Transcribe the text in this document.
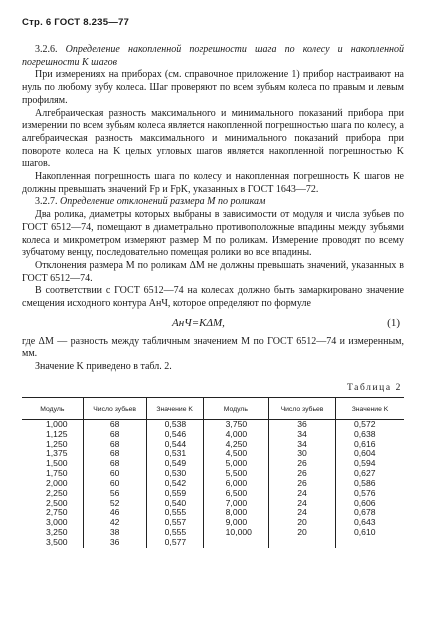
Стр. 6 ГОСТ 8.235—77

3.2.6. Определение накопленной погрешности шага по колесу и накопленной погрешности K шагов

При измерениях на приборах (см. справочное приложение 1) прибор настраивают на нуль по любому зубу колеса. Шаг проверяют по всем зубьям колеса по правым и левым профилям.

Алгебраическая разность максимального и минимального показаний прибора при измерении по всем зубьям колеса является накопленной погрешностью шага по колесу, а алгебраическая разность максимального и минимального показаний прибора при повороте колеса на K целых угловых шагов является накопленной погрешностью K шагов.

Накопленная погрешность шага по колесу и накопленная погрешность K шагов не должны превышать значений Fp и FpK, указанных в ГОСТ 1643—72.

3.2.7. Определение отклонений размера M по роликам

Два ролика, диаметры которых выбраны в зависимости от модуля и числа зубьев по ГОСТ 6512—74, помещают в диаметрально противоположные впадины между зубьями колеса и микрометром измеряют размер M по роликам. Измерение проводят по всему зубчатому венцу, последовательно помещая ролики во все впадины.

Отклонения размера M по роликам ΔM не должны превышать значений, указанных в ГОСТ 6512—74.

В соответствии с ГОСТ 6512—74 на колесах должно быть замаркировано значение смещения исходного контура AнЧ, которое определяют по формуле

AнЧ=KΔM,	(1)

где ΔM — разность между табличным значением M по ГОСТ 6512—74 и измеренным, мм.

Значение K приведено в табл. 2.

Таблица 2
Модуль	Число зубьев	Значение K	Модуль	Число зубьев	Значение K
1,000	68	0,538	3,750	36	0,572
1,125	68	0,546	4,000	34	0,638
1,250	68	0,544	4,250	34	0,616
1,375	68	0,531	4,500	30	0,604
1,500	68	0,549	5,000	26	0,594
1,750	60	0,530	5,500	26	0,627
2,000	60	0,542	6,000	26	0,586
2,250	56	0,559	6,500	24	0,576
2,500	52	0,540	7,000	24	0,606
2,750	46	0,555	8,000	24	0,678
3,000	42	0,557	9,000	20	0,643
3,250	38	0,555	10,000	20	0,610
3,500	36	0,577			
